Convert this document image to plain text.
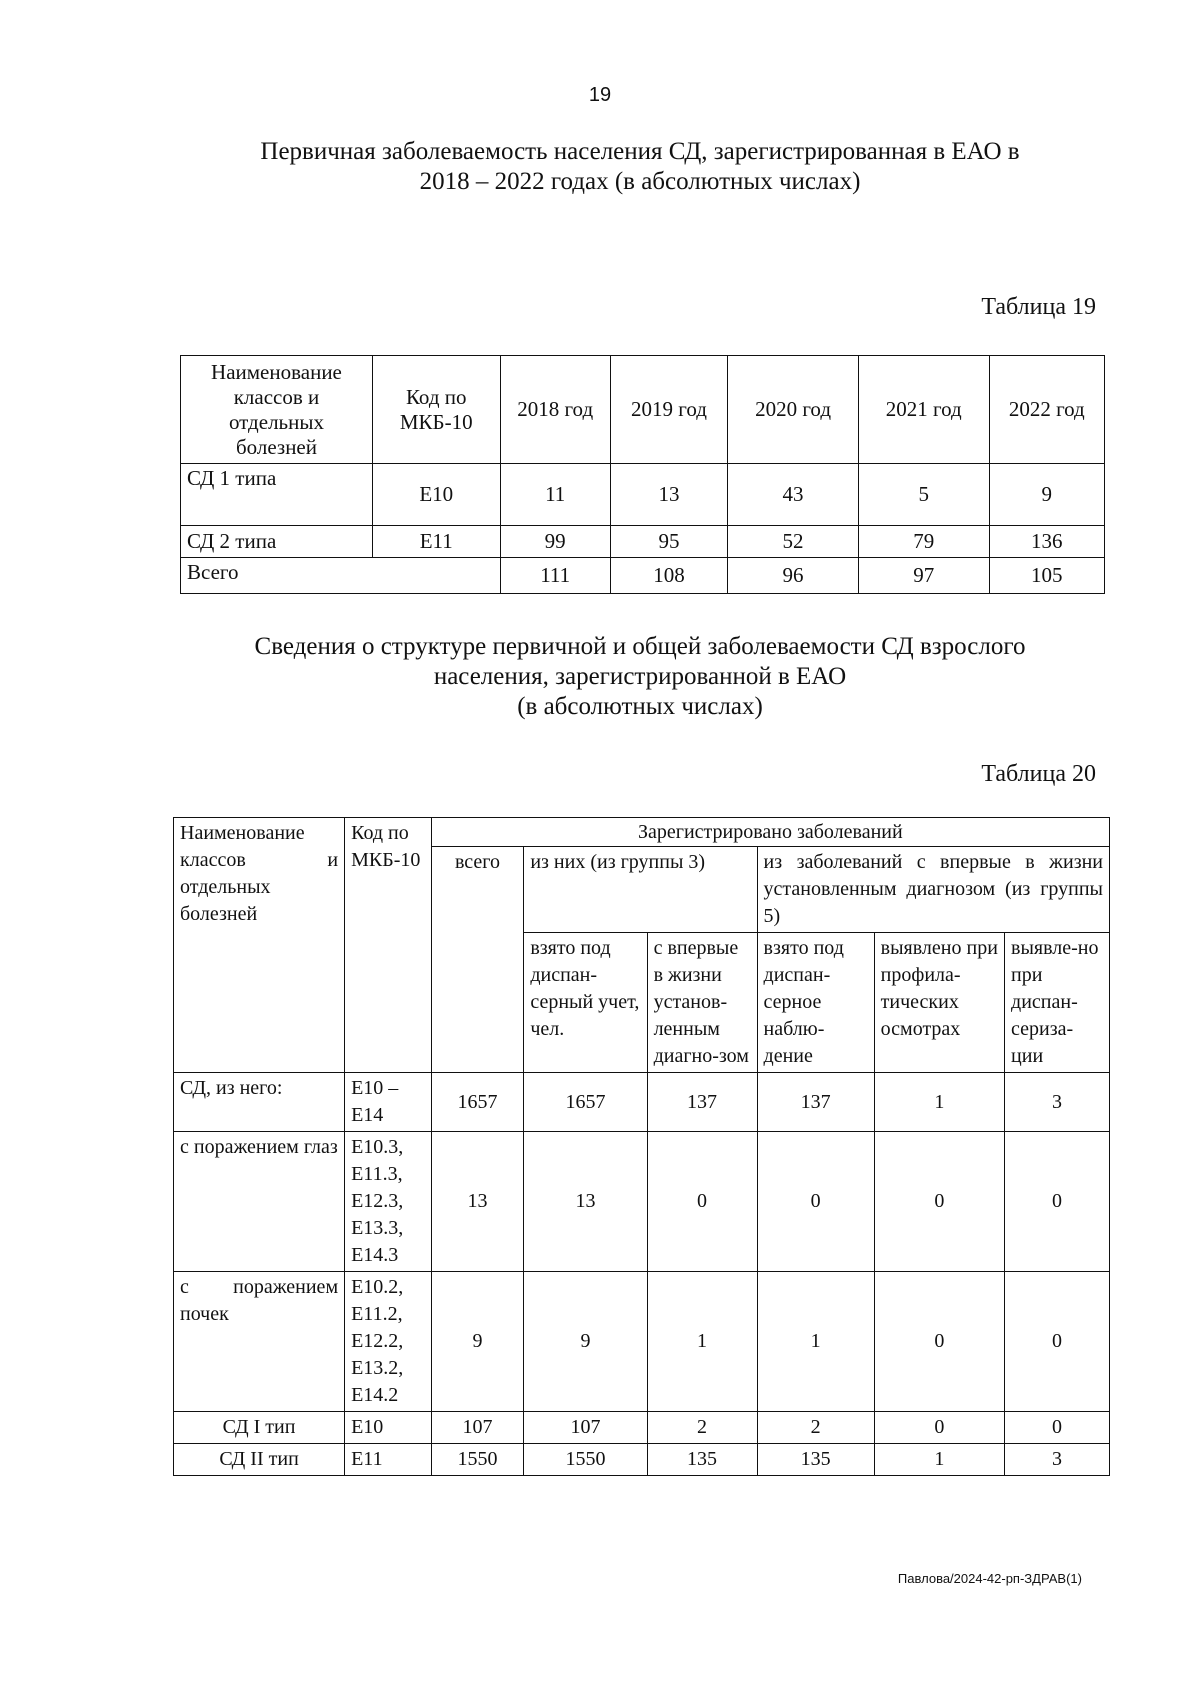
19
Первичная заболеваемость населения СД, зарегистрированная в ЕАО в
2018 – 2022 годах (в абсолютных числах)
Таблица 19
Наименование классов и отдельных болезней	Код по МКБ-10	2018 год	2019 год	2020 год	2021 год	2022 год
СД 1 типа	Е10	11	13	43	5	9
СД 2 типа	Е11	99	95	52	79	136
Всего		111	108	96	97	105
Сведения о структуре первичной и общей заболеваемости СД взрослого
населения, зарегистрированной в ЕАО
(в абсолютных числах)
Таблица 20
Наименование классов и отдельных болезней	Код по МКБ-10	Зарегистрировано заболеваний					
		всего	из них (из группы 3)		из заболеваний с впервые в жизни установленным диагнозом (из группы 5)		
			взято под диспан-серный учет, чел.	с впервые в жизни установ-ленным диагно-зом	взято под диспан-серное наблю-дение	выявлено при профила-тических осмотрах	выявле-но при диспан-сериза-ции
СД, из него:	Е10 – Е14	1657	1657	137	137	1	3
с поражением глаз	Е10.3, Е11.3, Е12.3, Е13.3, Е14.3	13	13	0	0	0	0
с поражением почек	Е10.2, Е11.2, Е12.2, Е13.2, Е14.2	9	9	1	1	0	0
СД I тип	Е10	107	107	2	2	0	0
СД II тип	Е11	1550	1550	135	135	1	3
Павлова/2024-42-рп-ЗДРАВ(1)
